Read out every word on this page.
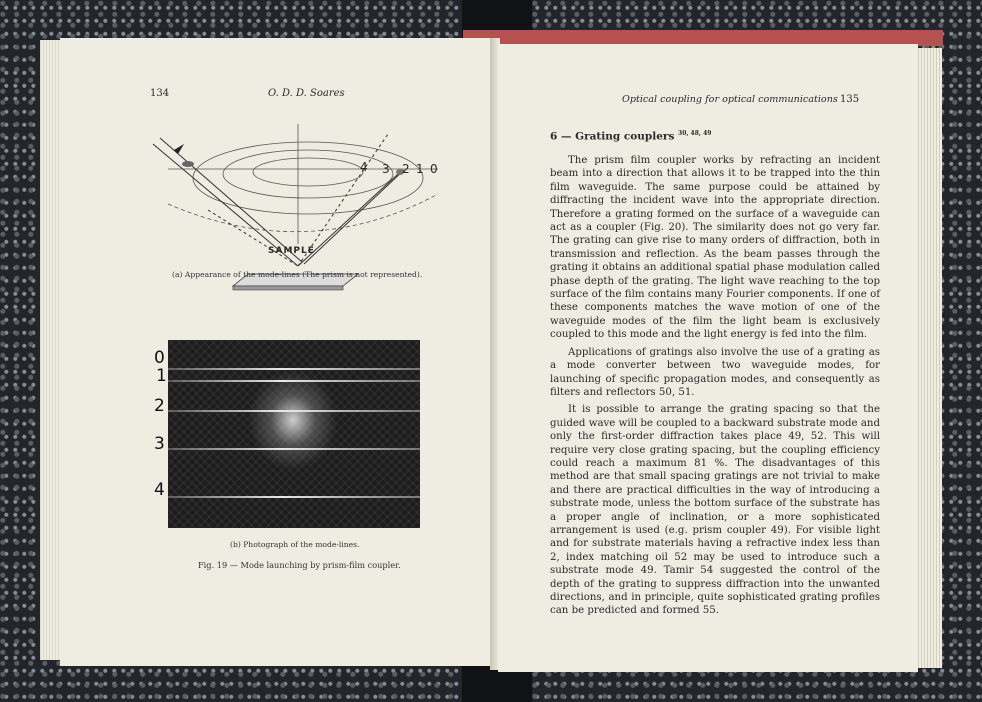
134	O. D. D. Soares
4 3 2 1 0
SAMPLE
(a) Appearance of the mode-lines (The prism is not represented).
0
1
2
3
4
(b) Photograph of the mode-lines.
Fig. 19 — Mode launching by prism-film coupler.
Optical coupling for optical communications 135
6 — Grating couplers $^{30, 48, 49}$

The prism film coupler works by refracting an incident beam into a direction that allows it to be trapped into the thin film waveguide. The same purpose could be attained by diffracting the incident wave into the appropriate direction. Therefore a grating formed on the surface of a waveguide can act as a coupler (Fig. 20). The similarity does not go very far. The grating can give rise to many orders of diffraction, both in transmission and reflection. As the beam passes through the grating it obtains an additional spatial phase modulation called phase depth of the grating. The light wave reaching to the top surface of the film contains many Fourier components. If one of these components matches the wave motion of one of the waveguide modes of the film the light beam is exclusively coupled to this mode and the light energy is fed into the film.

Applications of gratings also involve the use of a grating as a mode converter between two waveguide modes, for launching of specific propagation modes, and consequently as filters and reflectors 50, 51.

It is possible to arrange the grating spacing so that the guided wave will be coupled to a backward substrate mode and only the first-order diffraction takes place 49, 52. This will require very close grating spacing, but the coupling efficiency could reach a maximum 81 %. The disadvantages of this method are that small spacing gratings are not trivial to make and there are practical difficulties in the way of introducing a substrate mode, unless the bottom surface of the substrate has a proper angle of inclination, or a more sophisticated arrangement is used (e.g. prism coupler 49). For visible light and for substrate materials having a refractive index less than 2, index matching oil 52 may be used to introduce such a substrate mode 49. Tamir 54 suggested the control of the depth of the grating to suppress diffraction into the unwanted directions, and in principle, quite sophisticated grating profiles can be predicted and formed 55.
